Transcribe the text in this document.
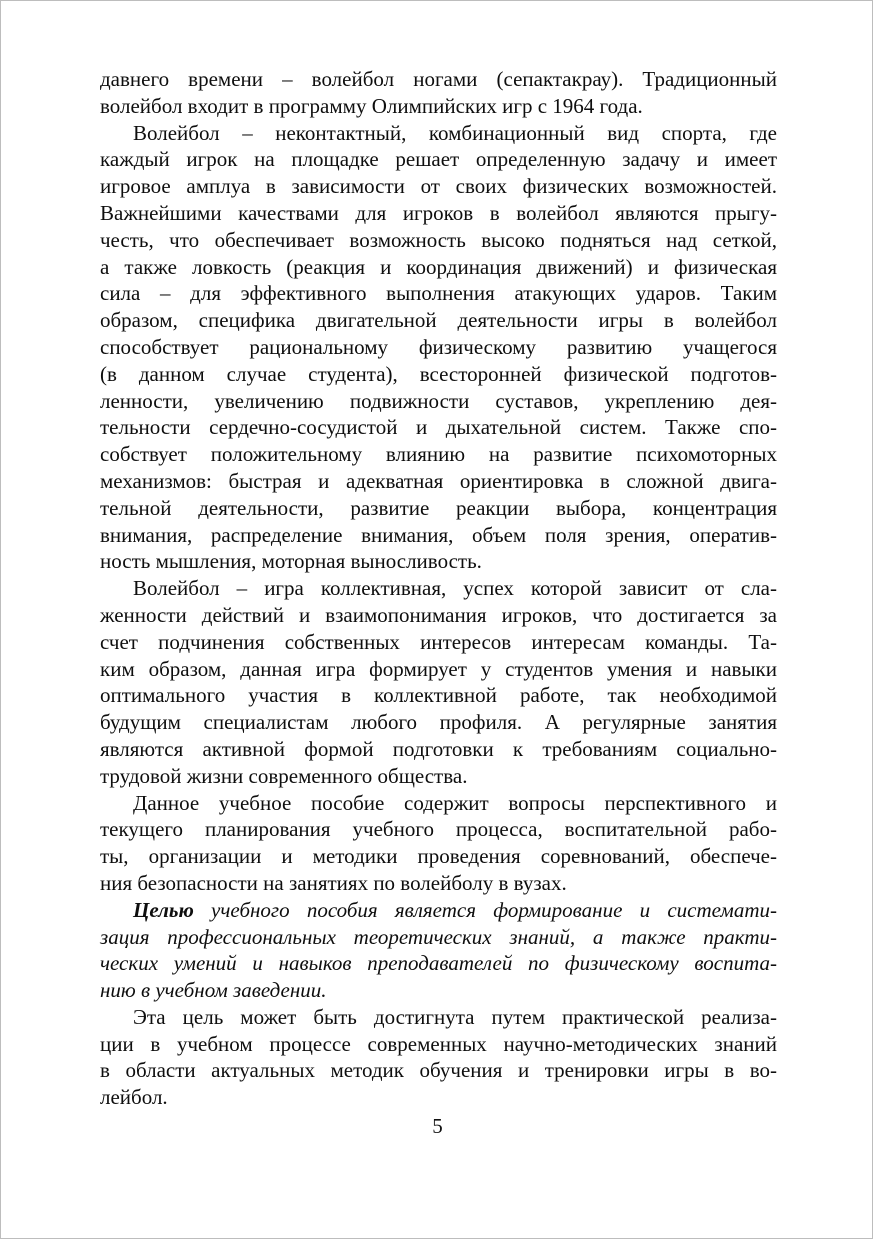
давнего времени – волейбол ногами (сепактакрау). Традиционный
волейбол входит в программу Олимпийских игр с 1964 года.
Волейбол – неконтактный, комбинационный вид спорта, где
каждый игрок на площадке решает определенную задачу и имеет
игровое амплуа в зависимости от своих физических возможностей.
Важнейшими качествами для игроков в волейбол являются прыгу-
честь, что обеспечивает возможность высоко подняться над сеткой,
а также ловкость (реакция и координация движений) и физическая
сила – для эффективного выполнения атакующих ударов. Таким
образом, специфика двигательной деятельности игры в волейбол
способствует рациональному физическому развитию учащегося
(в данном случае студента), всесторонней физической подготов-
ленности, увеличению подвижности суставов, укреплению дея-
тельности сердечно-сосудистой и дыхательной систем. Также спо-
собствует положительному влиянию на развитие психомоторных
механизмов: быстрая и адекватная ориентировка в сложной двига-
тельной деятельности, развитие реакции выбора, концентрация
внимания, распределение внимания, объем поля зрения, оператив-
ность мышления, моторная выносливость.
Волейбол – игра коллективная, успех которой зависит от сла-
женности действий и взаимопонимания игроков, что достигается за
счет подчинения собственных интересов интересам команды. Та-
ким образом, данная игра формирует у студентов умения и навыки
оптимального участия в коллективной работе, так необходимой
будущим специалистам любого профиля. А регулярные занятия
являются активной формой подготовки к требованиям социально-
трудовой жизни современного общества.
Данное учебное пособие содержит вопросы перспективного и
текущего планирования учебного процесса, воспитательной рабо-
ты, организации и методики проведения соревнований, обеспече-
ния безопасности на занятиях по волейболу в вузах.
Целью учебного пособия является формирование и системати-
зация профессиональных теоретических знаний, а также практи-
ческих умений и навыков преподавателей по физическому воспита-
нию в учебном заведении.
Эта цель может быть достигнута путем практической реализа-
ции в учебном процессе современных научно-методических знаний
в области актуальных методик обучения и тренировки игры в во-
лейбол.
5
